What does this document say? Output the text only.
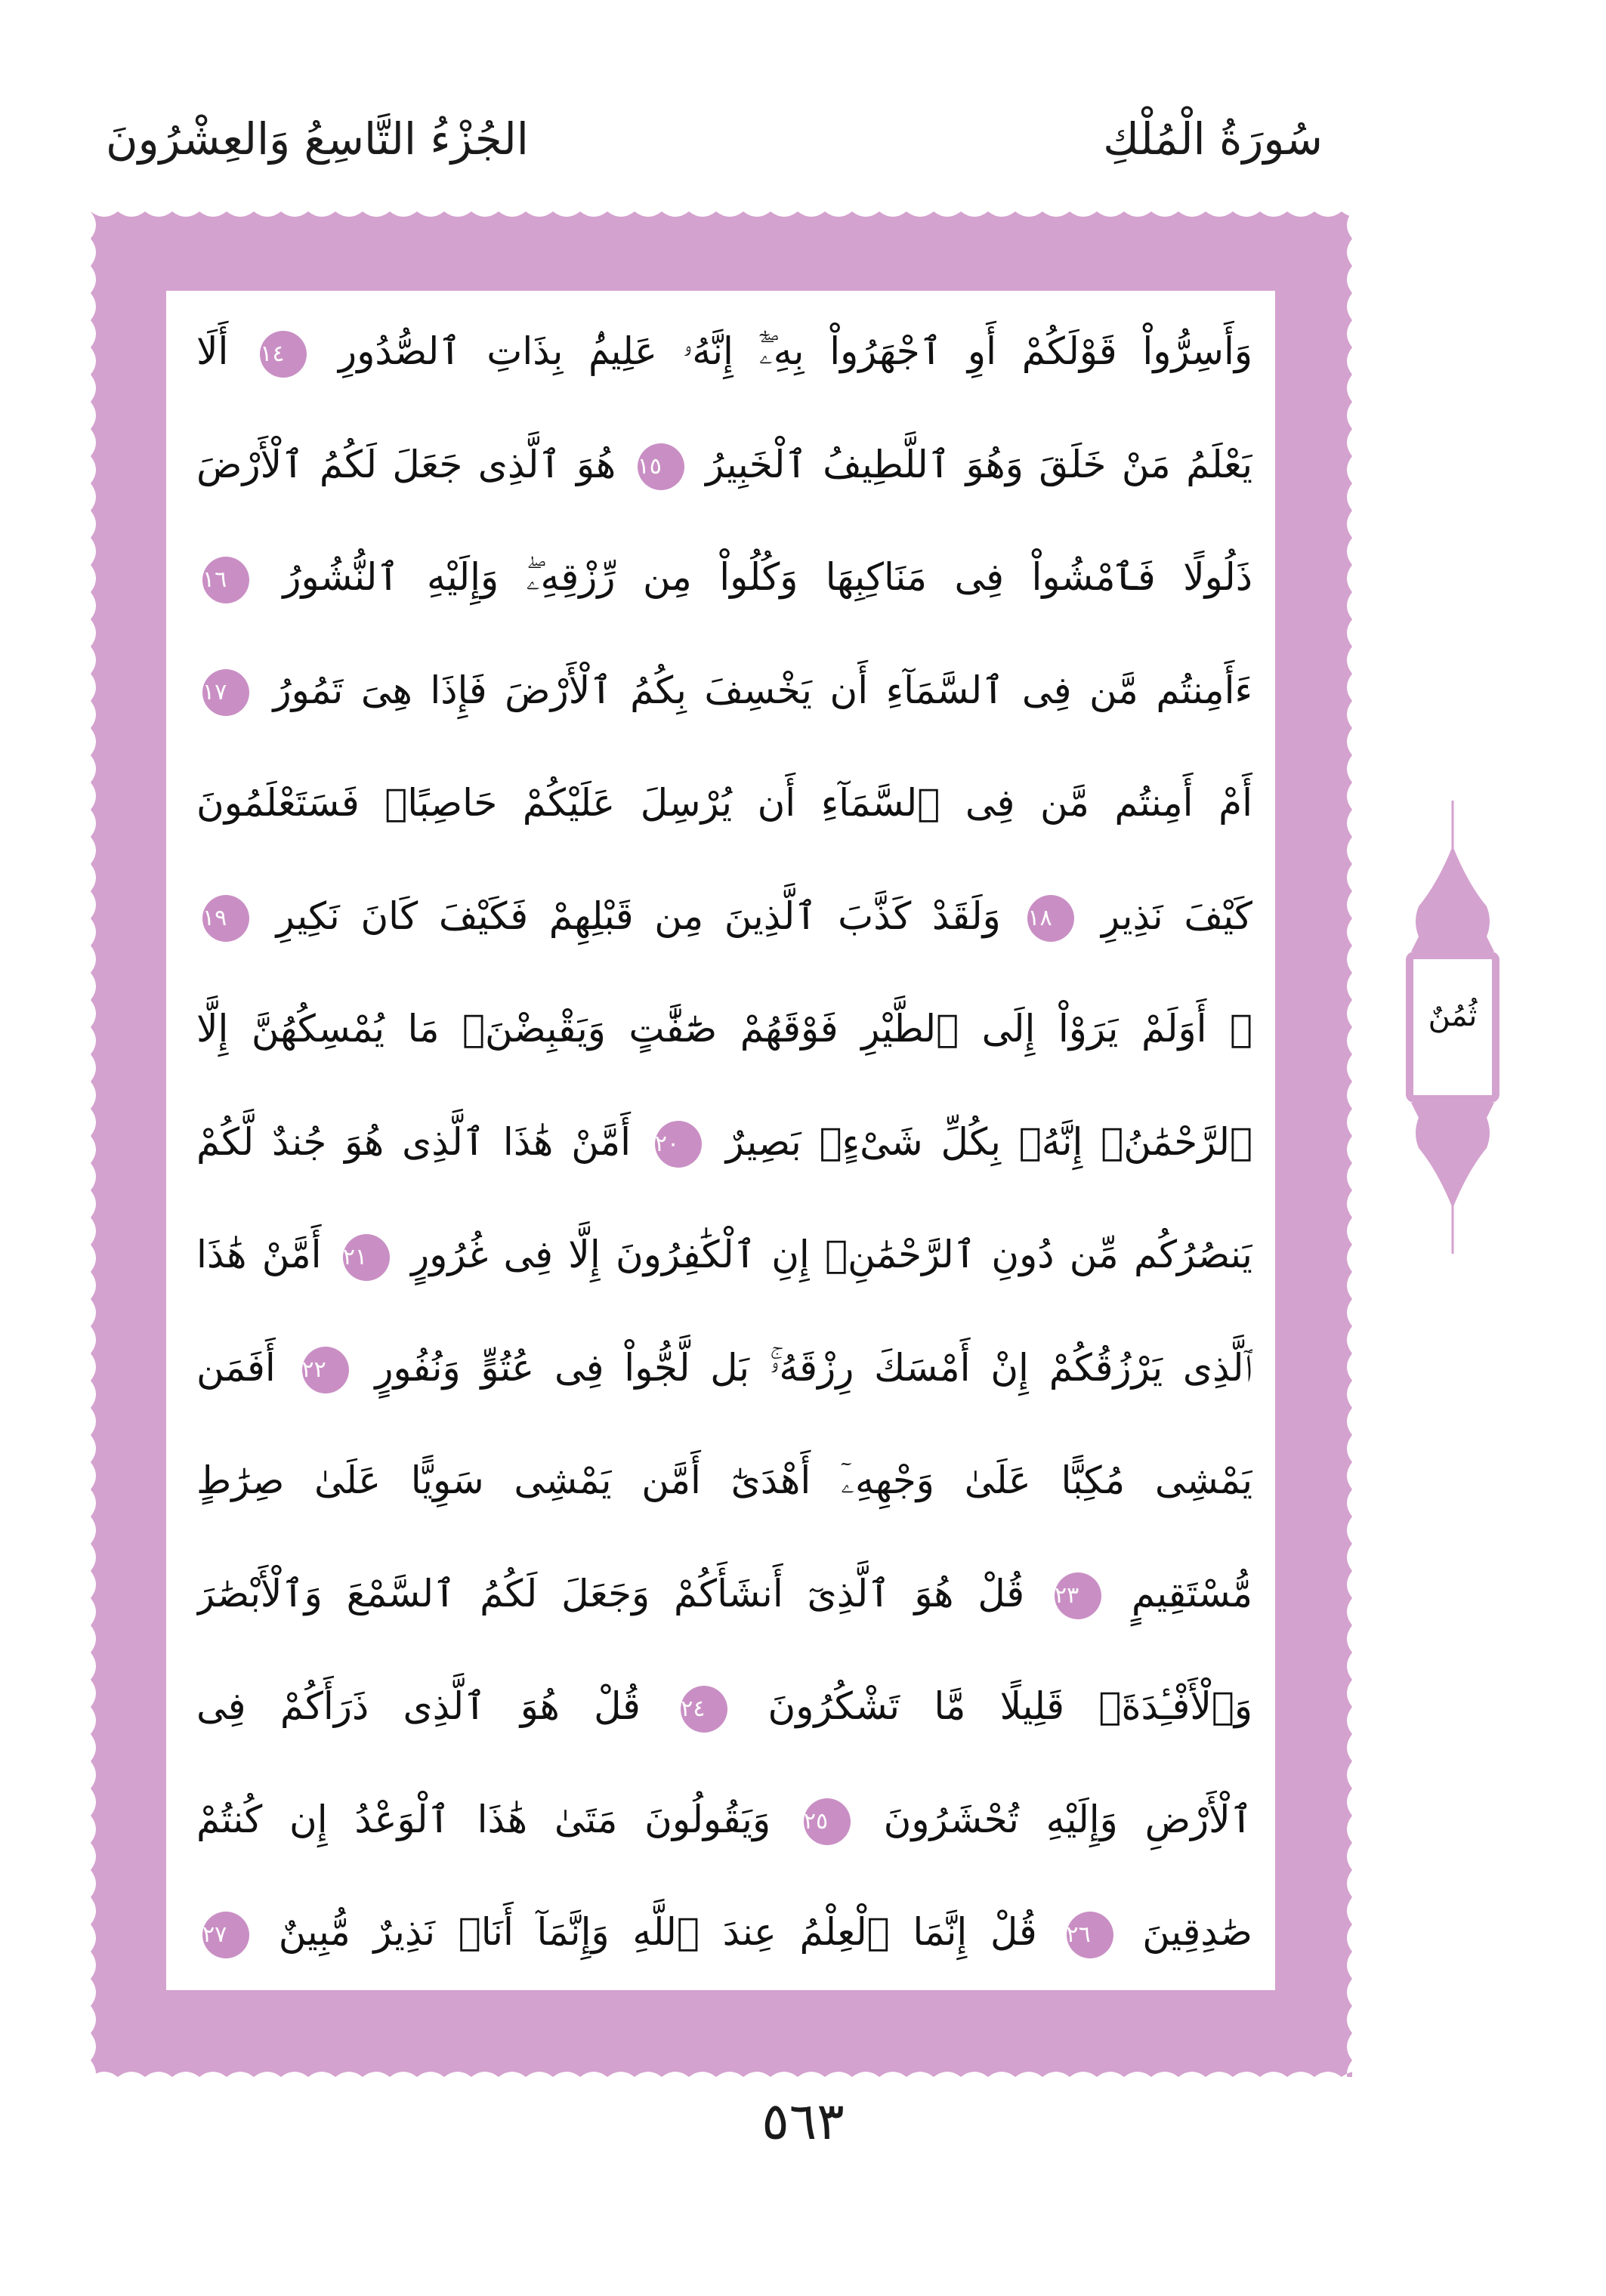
سُورَةُ الْمُلْكِ
الجُزْءُ التَّاسِعُ وَالعِشْرُونَ
وَأَسِرُّواْ قَوْلَكُمْ أَوِ ٱجْهَرُواْ بِهِۦٓۖ إِنَّهُۥ عَلِيمُۢ بِذَاتِ ٱلصُّدُورِ ١٤ أَلَا
يَعْلَمُ مَنْ خَلَقَ وَهُوَ ٱللَّطِيفُ ٱلْخَبِيرُ ١٥ هُوَ ٱلَّذِى جَعَلَ لَكُمُ ٱلْأَرْضَ
ذَلُولًا فَٱمْشُواْ فِى مَنَاكِبِهَا وَكُلُواْ مِن رِّزْقِهِۦۖ وَإِلَيْهِ ٱلنُّشُورُ ١٦
ءَأَمِنتُم مَّن فِى ٱلسَّمَآءِ أَن يَخْسِفَ بِكُمُ ٱلْأَرْضَ فَإِذَا هِىَ تَمُورُ ١٧
أَمْ أَمِنتُم مَّن فِى ٱلسَّمَآءِ أَن يُرْسِلَ عَلَيْكُمْ حَاصِبًاۖ فَسَتَعْلَمُونَ
كَيْفَ نَذِيرِ ١٨ وَلَقَدْ كَذَّبَ ٱلَّذِينَ مِن قَبْلِهِمْ فَكَيْفَ كَانَ نَكِيرِ ١٩
۞ أَوَلَمْ يَرَوْاْ إِلَى ٱلطَّيْرِ فَوْقَهُمْ صَٰٓفَّٰتٍ وَيَقْبِضْنَۚ مَا يُمْسِكُهُنَّ إِلَّا
ٱلرَّحْمَٰنُۚ إِنَّهُۥ بِكُلِّ شَىْءٍۭ بَصِيرٌ ٢٠ أَمَّنْ هَٰذَا ٱلَّذِى هُوَ جُندٌ لَّكُمْ
يَنصُرُكُم مِّن دُونِ ٱلرَّحْمَٰنِۚ إِنِ ٱلْكَٰفِرُونَ إِلَّا فِى غُرُورٍ ٢١ أَمَّنْ هَٰذَا
ٱلَّذِى يَرْزُقُكُمْ إِنْ أَمْسَكَ رِزْقَهُۥۚ بَل لَّجُّواْ فِى عُتُوٍّ وَنُفُورٍ ٢٢ أَفَمَن
يَمْشِى مُكِبًّا عَلَىٰ وَجْهِهِۦٓ أَهْدَىٰٓ أَمَّن يَمْشِى سَوِيًّا عَلَىٰ صِرَٰطٍ
مُّسْتَقِيمٍ ٢٣ قُلْ هُوَ ٱلَّذِىٓ أَنشَأَكُمْ وَجَعَلَ لَكُمُ ٱلسَّمْعَ وَٱلْأَبْصَٰرَ
وَٱلْأَفْـِٔدَةَۖ قَلِيلًا مَّا تَشْكُرُونَ ٢٤ قُلْ هُوَ ٱلَّذِى ذَرَأَكُمْ فِى
ٱلْأَرْضِ وَإِلَيْهِ تُحْشَرُونَ ٢٥ وَيَقُولُونَ مَتَىٰ هَٰذَا ٱلْوَعْدُ إِن كُنتُمْ
صَٰدِقِينَ ٢٦ قُلْ إِنَّمَا ٱلْعِلْمُ عِندَ ٱللَّهِ وَإِنَّمَآ أَنَا۠ نَذِيرٌ مُّبِينٌ ٢٧
ثُمُنٌ
٥٦٣
